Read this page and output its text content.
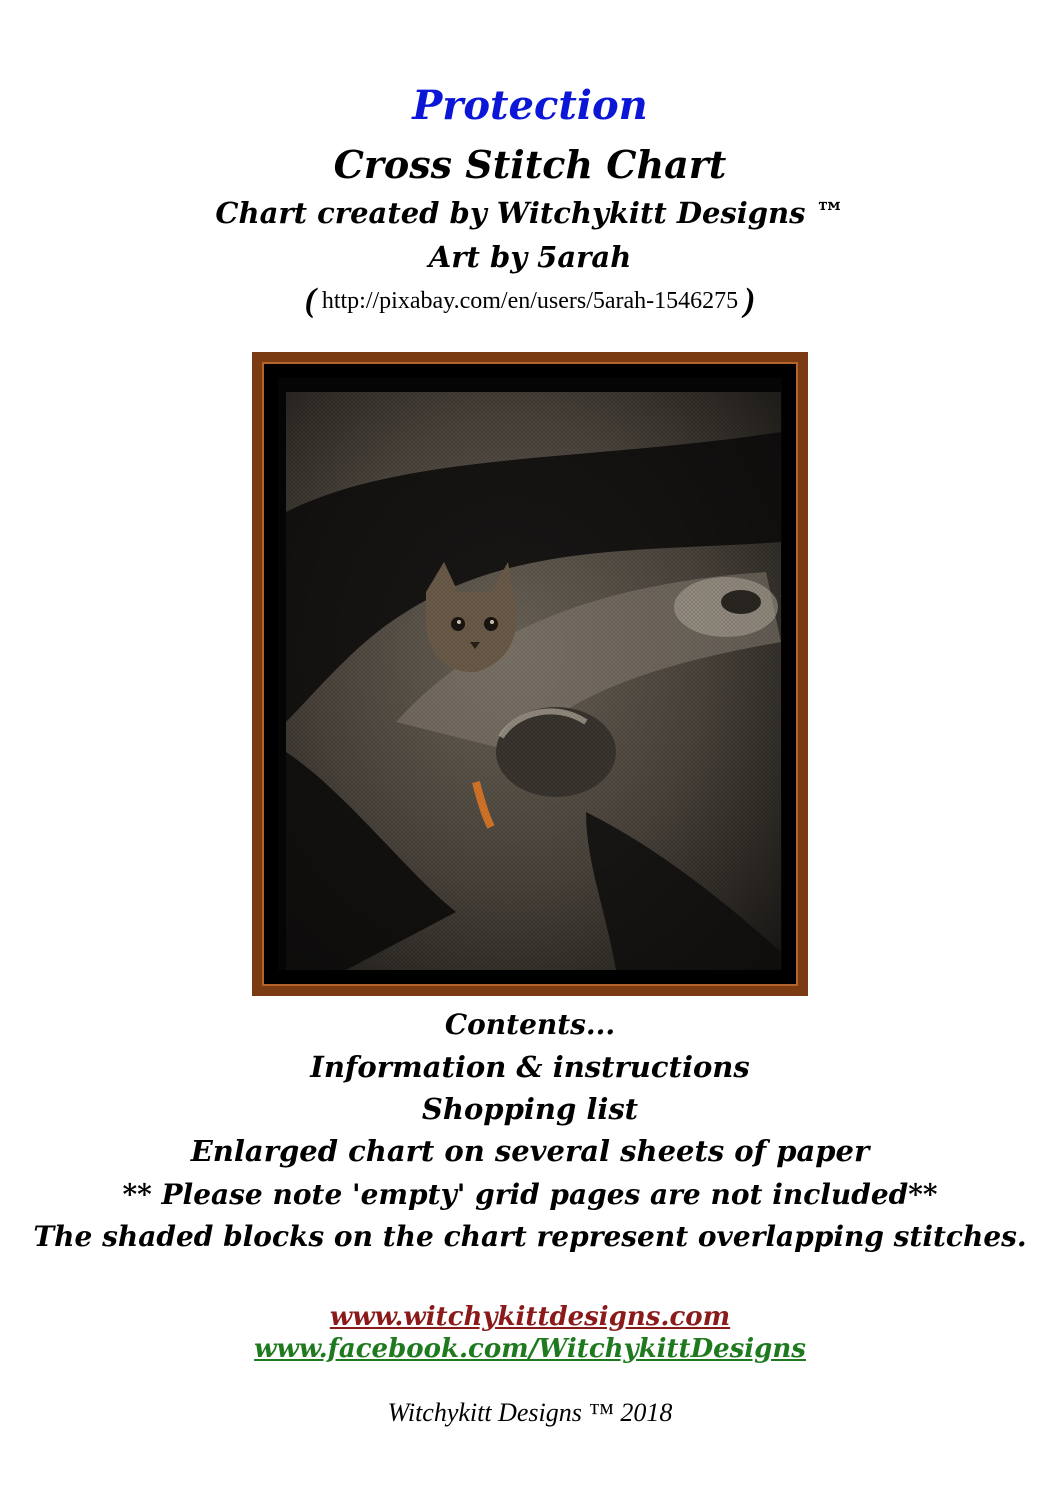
Protection
Cross Stitch Chart
Chart created by Witchykitt Designs ™
Art by 5arah
( http://pixabay.com/en/users/5arah-1546275 )
Contents...
Information & instructions
Shopping list
Enlarged chart on several sheets of paper
** Please note 'empty' grid pages are not included**
The shaded blocks on the chart represent overlapping stitches.
www.witchykittdesigns.com
www.facebook.com/WitchykittDesigns
Witchykitt Designs ™ 2018
